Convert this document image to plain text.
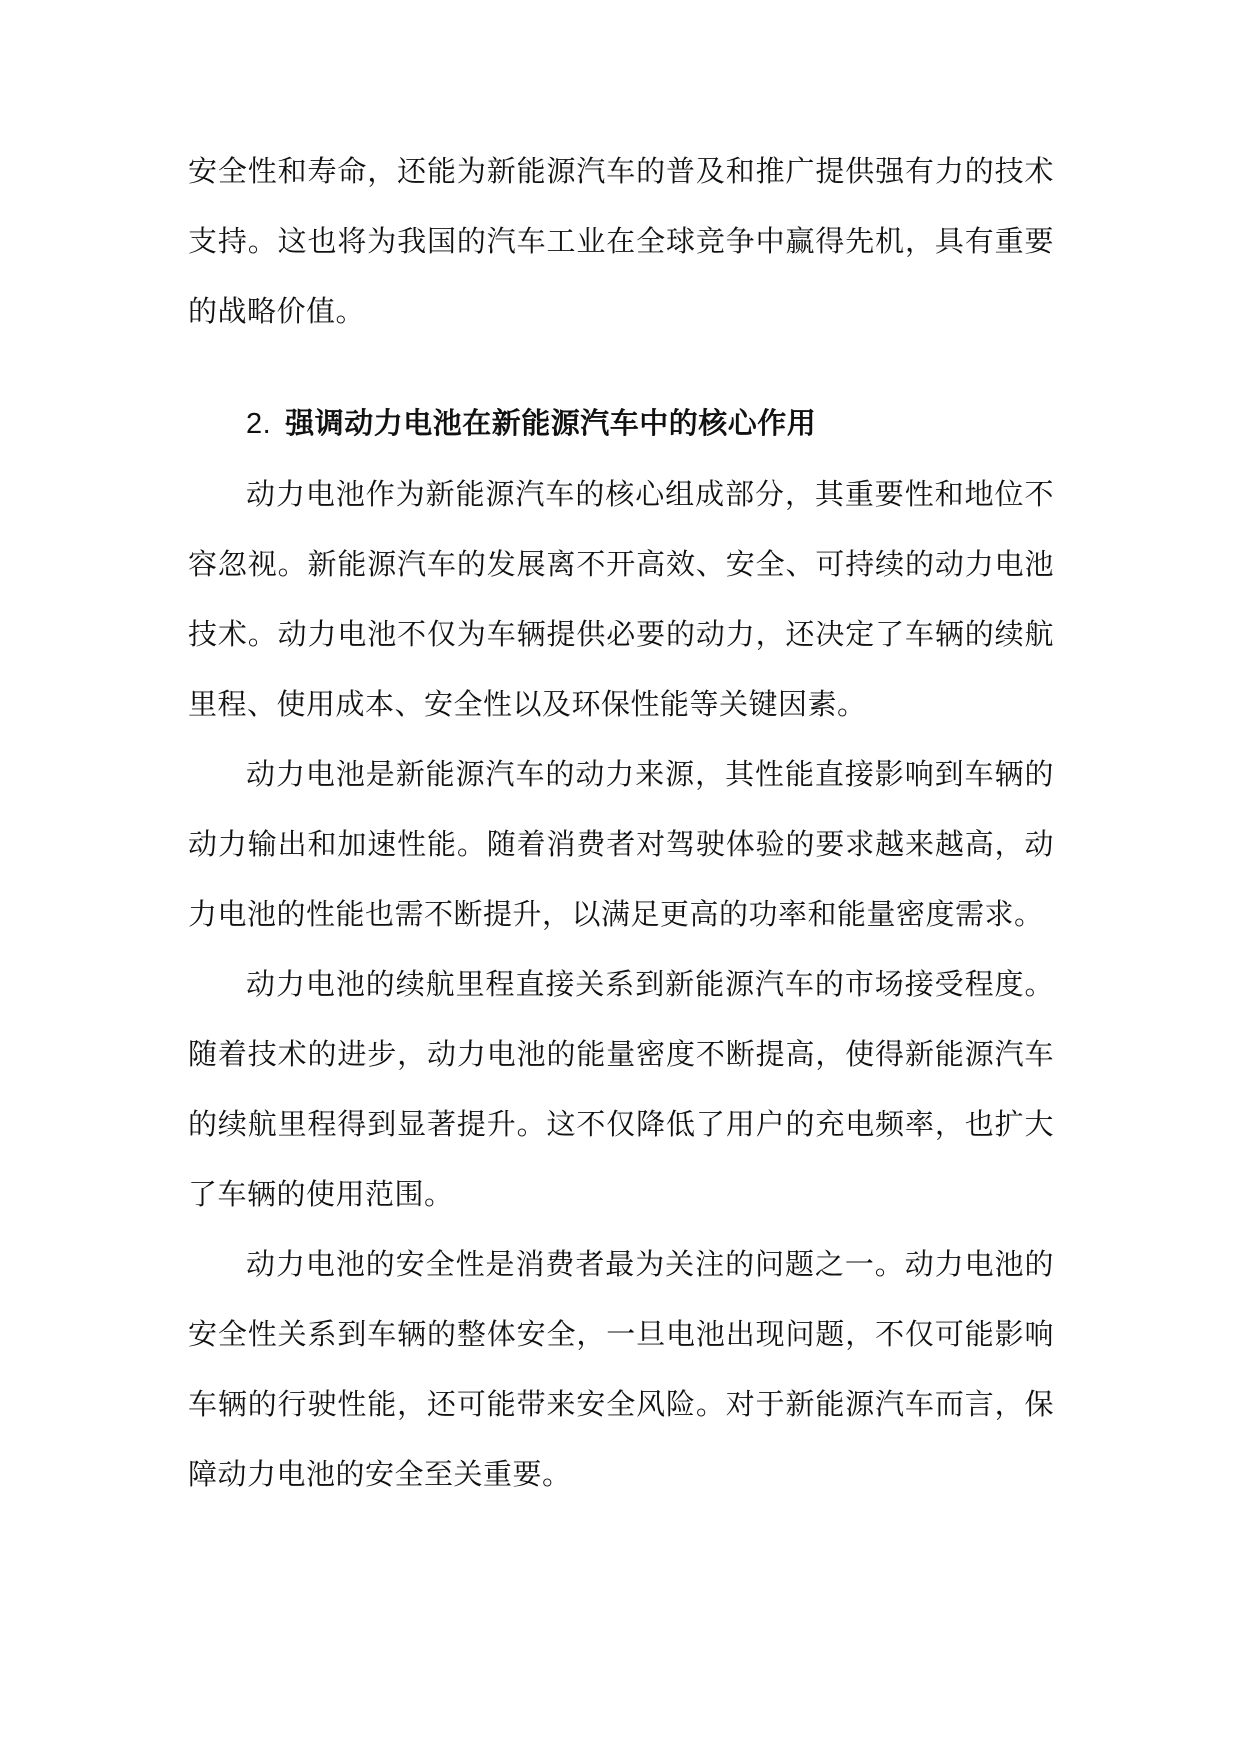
安全性和寿命，还能为新能源汽车的普及和推广提供强有力的技术支持。这也将为我国的汽车工业在全球竞争中赢得先机，具有重要的战略价值。

2. 强调动力电池在新能源汽车中的核心作用

动力电池作为新能源汽车的核心组成部分，其重要性和地位不容忽视。新能源汽车的发展离不开高效、安全、可持续的动力电池技术。动力电池不仅为车辆提供必要的动力，还决定了车辆的续航里程、使用成本、安全性以及环保性能等关键因素。

动力电池是新能源汽车的动力来源，其性能直接影响到车辆的动力输出和加速性能。随着消费者对驾驶体验的要求越来越高，动力电池的性能也需不断提升，以满足更高的功率和能量密度需求。

动力电池的续航里程直接关系到新能源汽车的市场接受程度。随着技术的进步，动力电池的能量密度不断提高，使得新能源汽车的续航里程得到显著提升。这不仅降低了用户的充电频率，也扩大了车辆的使用范围。

动力电池的安全性是消费者最为关注的问题之一。动力电池的安全性关系到车辆的整体安全，一旦电池出现问题，不仅可能影响车辆的行驶性能，还可能带来安全风险。对于新能源汽车而言，保障动力电池的安全至关重要。
